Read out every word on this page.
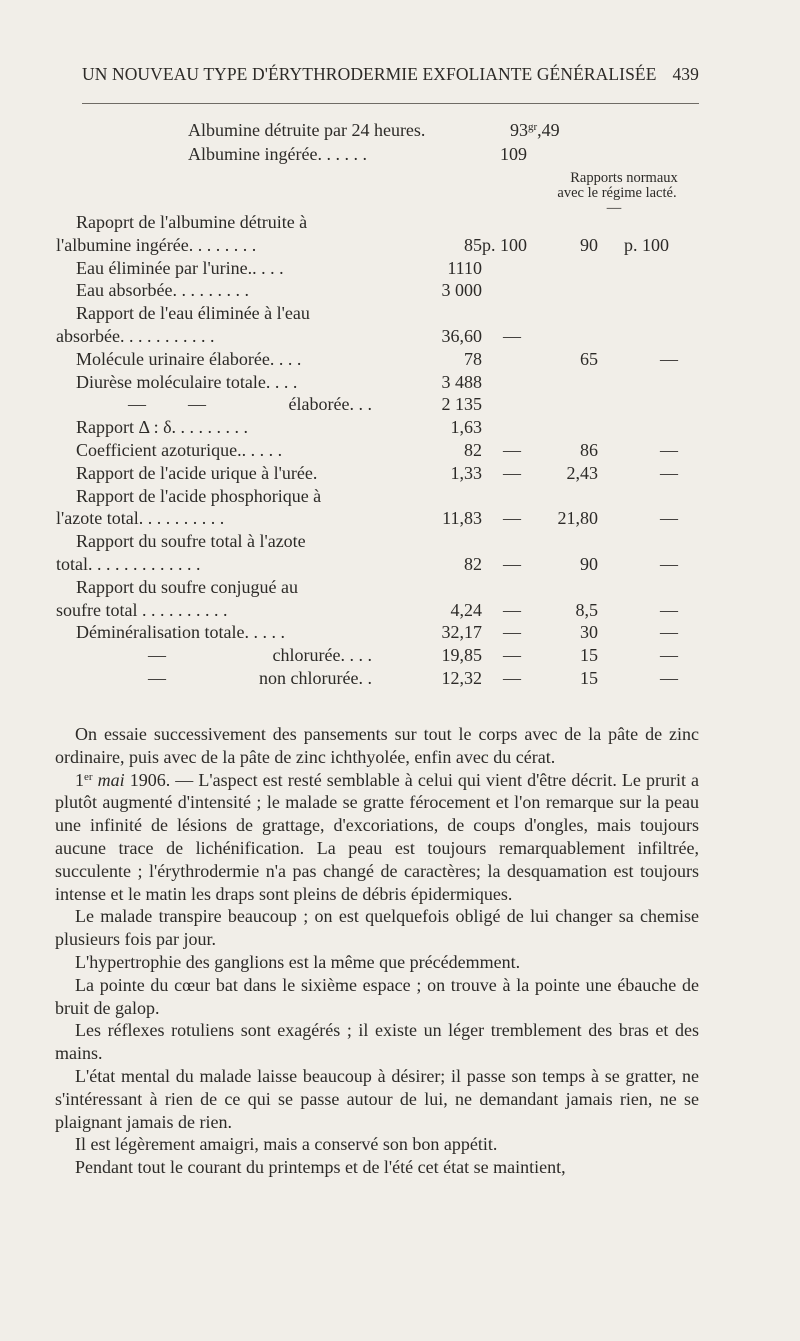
UN NOUVEAU TYPE D'ÉRYTHRODERMIE EXFOLIANTE GÉNÉRALISÉE 439
Albumine détruite par 24 heures.	$93^{gr},49$
Albumine ingérée. . . . . .	109
Rapports normaux
avec le régime lacté.
—
Rapoprt de l'albumine détruite à
l'albumine ingérée. . . . . . . .	85 p. 100	90 p. 100
Eau éliminée par l'urine.. . . .	1110
Eau absorbée. . . . . . . . .	3 000
Rapport de l'eau éliminée à l'eau
absorbée. . . . . . . . . . .	36,60 —
Molécule urinaire élaborée. . . .	78	65	—
Diurèse moléculaire totale. . . .	3 488
— —	élaborée. . .	2 135
Rapport Δ : δ. . . . . . . . .	1,63
Coefficient azoturique.. . . . .	82 —	86	—
Rapport de l'acide urique à l'urée.	1,33 —	2,43	—
Rapport de l'acide phosphorique à
l'azote total. . . . . . . . . .	11,83 — 21,80	—
Rapport du soufre total à l'azote
total. . . . . . . . . . . . .	82 —	90	—
Rapport du soufre conjugué au
soufre total . . . . . . . . . .	4,24 —	8,5	—
Déminéralisation totale. . . . .	32,17 —	30	—
—	chlorurée. . . .	19,85 —	15	—
—	non chlorurée. .	12,32 —	15	—

On essaie successivement des pansements sur tout le corps avec de la pâte de zinc ordinaire, puis avec de la pâte de zinc ichthyolée, enfin avec du cérat.

1er mai 1906. — L'aspect est resté semblable à celui qui vient d'être décrit. Le prurit a plutôt augmenté d'intensité ; le malade se gratte férocement et l'on remarque sur la peau une infinité de lésions de grattage, d'excoriations, de coups d'ongles, mais toujours aucune trace de lichénification. La peau est toujours remarquablement infiltrée, succulente ; l'érythrodermie n'a pas changé de caractères; la desquamation est toujours intense et le matin les draps sont pleins de débris épidermiques.

Le malade transpire beaucoup ; on est quelquefois obligé de lui changer sa chemise plusieurs fois par jour.

L'hypertrophie des ganglions est la même que précédemment.

La pointe du cœur bat dans le sixième espace ; on trouve à la pointe une ébauche de bruit de galop.

Les réflexes rotuliens sont exagérés ; il existe un léger tremblement des bras et des mains.

L'état mental du malade laisse beaucoup à désirer; il passe son temps à se gratter, ne s'intéressant à rien de ce qui se passe autour de lui, ne demandant jamais rien, ne se plaignant jamais de rien.

Il est légèrement amaigri, mais a conservé son bon appétit.

Pendant tout le courant du printemps et de l'été cet état se maintient,
